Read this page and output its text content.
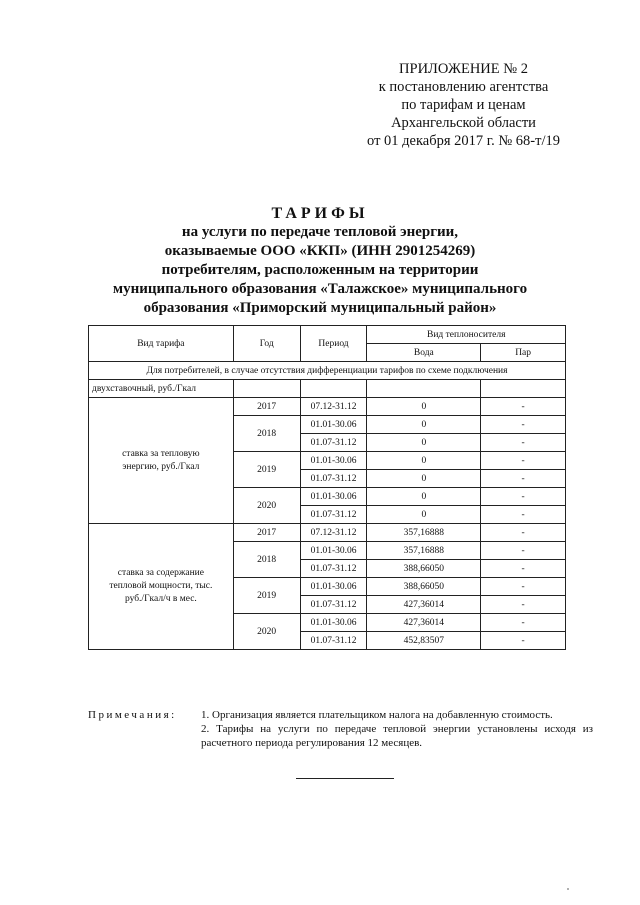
ПРИЛОЖЕНИЕ № 2
к постановлению агентства
по тарифам и ценам
Архангельской области
от 01 декабря 2017 г. № 68-т/19
ТАРИФЫ
на услуги по передаче тепловой энергии,
оказываемые ООО «ККП» (ИНН 2901254269)
потребителям, расположенным на территории
муниципального образования «Талажское» муниципального
образования «Приморский муниципальный район»
Вид тарифа	Год	Период	Вид теплоносителя	
			Вода	Пар
Для потребителей, в случае отсутствия дифференциации тарифов по схеме подключения				
двухставочный, руб./Гкал				
ставка за тепловую энергию, руб./Гкал	2017	07.12-31.12	0	-
	2018	01.01-30.06	0	-
		01.07-31.12	0	-
	2019	01.01-30.06	0	-
		01.07-31.12	0	-
	2020	01.01-30.06	0	-
		01.07-31.12	0	-
ставка за содержание тепловой мощности, тыс. руб./Гкал/ч в мес.	2017	07.12-31.12	357,16888	-
	2018	01.01-30.06	357,16888	-
		01.07-31.12	388,66050	-
	2019	01.01-30.06	388,66050	-
		01.07-31.12	427,36014	-
	2020	01.01-30.06	427,36014	-
		01.07-31.12	452,83507	-
Примечания: 1. Организация является плательщиком налога на добавленную стоимость.
2. Тарифы на услуги по передаче тепловой энергии установлены исходя из расчетного периода регулирования 12 месяцев.
